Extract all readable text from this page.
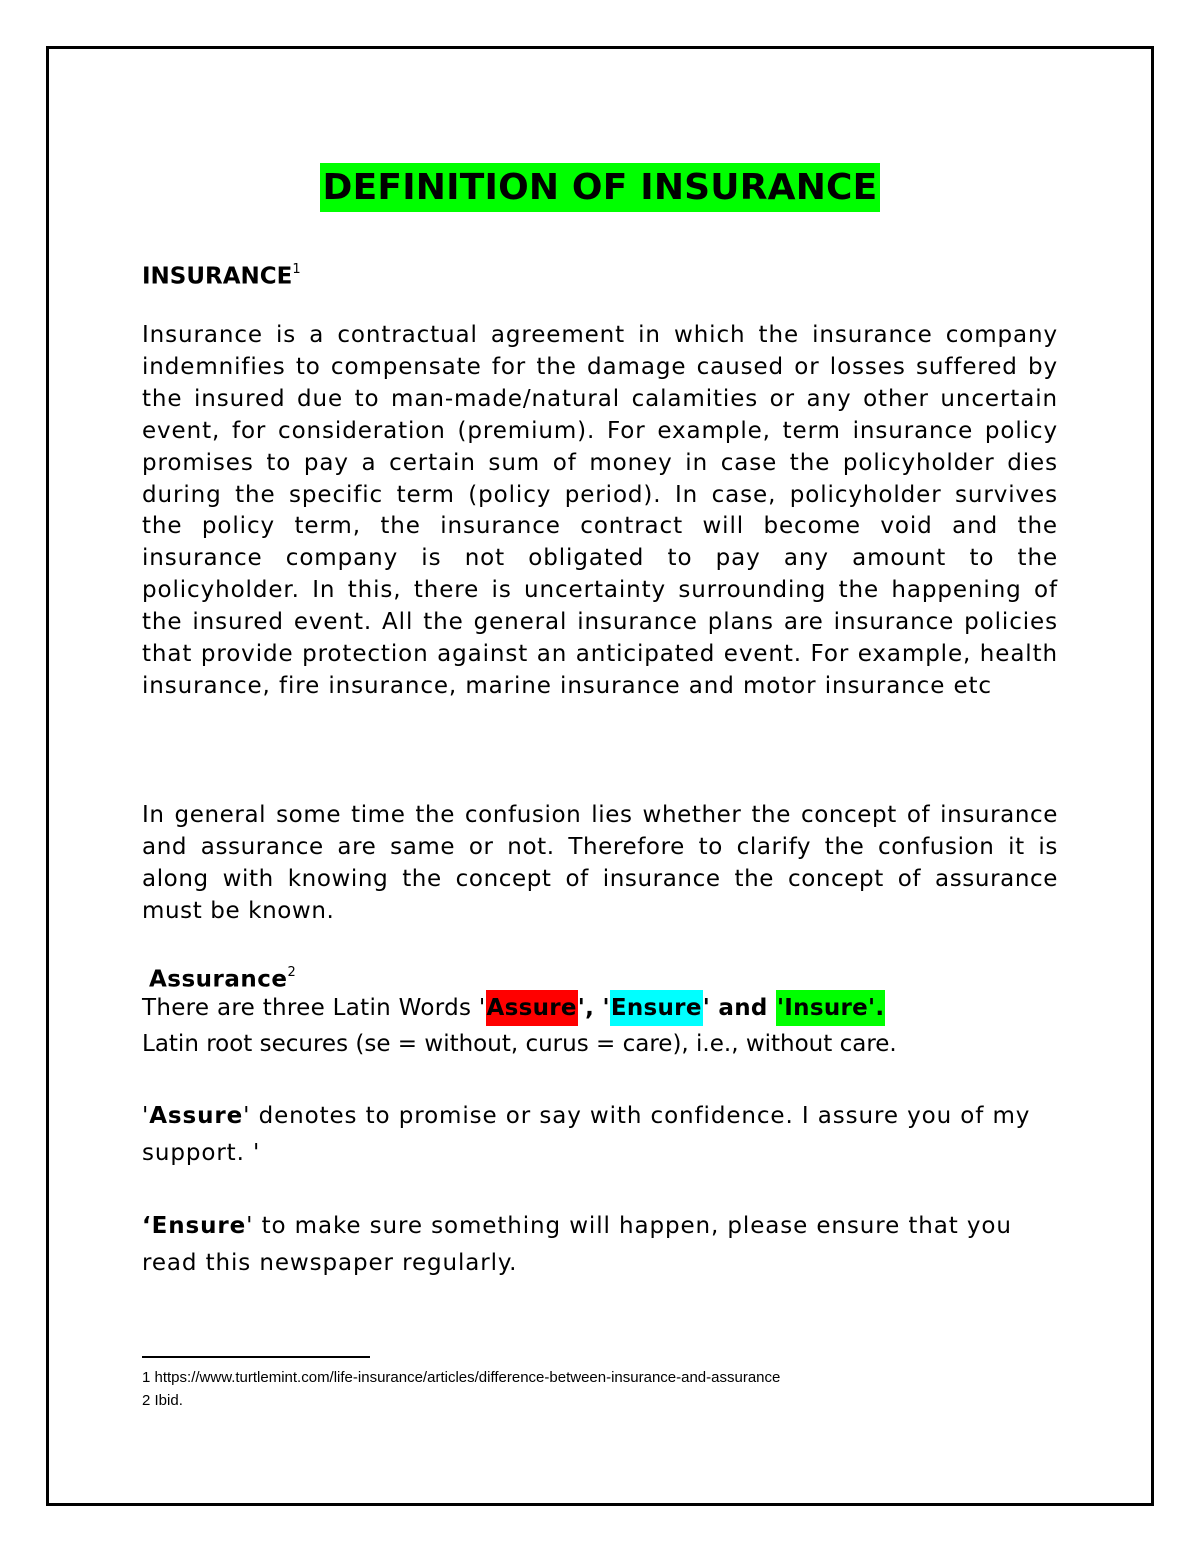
DEFINITION OF INSURANCE
INSURANCE$^1$
Insurance is a contractual agreement in which the insurance company indemnifies to compensate for the damage caused or losses suffered by the insured due to man-made/natural calamities or any other uncertain event, for consideration (premium). For example, term insurance policy promises to pay a certain sum of money in case the policyholder dies during the specific term (policy period). In case, policyholder survives the policy term, the insurance contract will become void and the insurance company is not obligated to pay any amount to the policyholder. In this, there is uncertainty surrounding the happening of the insured event. All the general insurance plans are insurance policies that provide protection against an anticipated event. For example, health insurance, fire insurance, marine insurance and motor insurance etc
In general some time the confusion lies whether the concept of insurance and assurance are same or not. Therefore to clarify the confusion it is along with knowing the concept of insurance the concept of assurance must be known.
Assurance$^2$
There are three Latin Words 'Assure', 'Ensure' and 'Insure'.
Latin root secures (se = without, curus = care), i.e., without care.
'Assure' denotes to promise or say with confidence. I assure you of my support. '
‘Ensure' to make sure something will happen, please ensure that you read this newspaper regularly.
1 https://www.turtlemint.com/life-insurance/articles/difference-between-insurance-and-assurance
2 Ibid.
